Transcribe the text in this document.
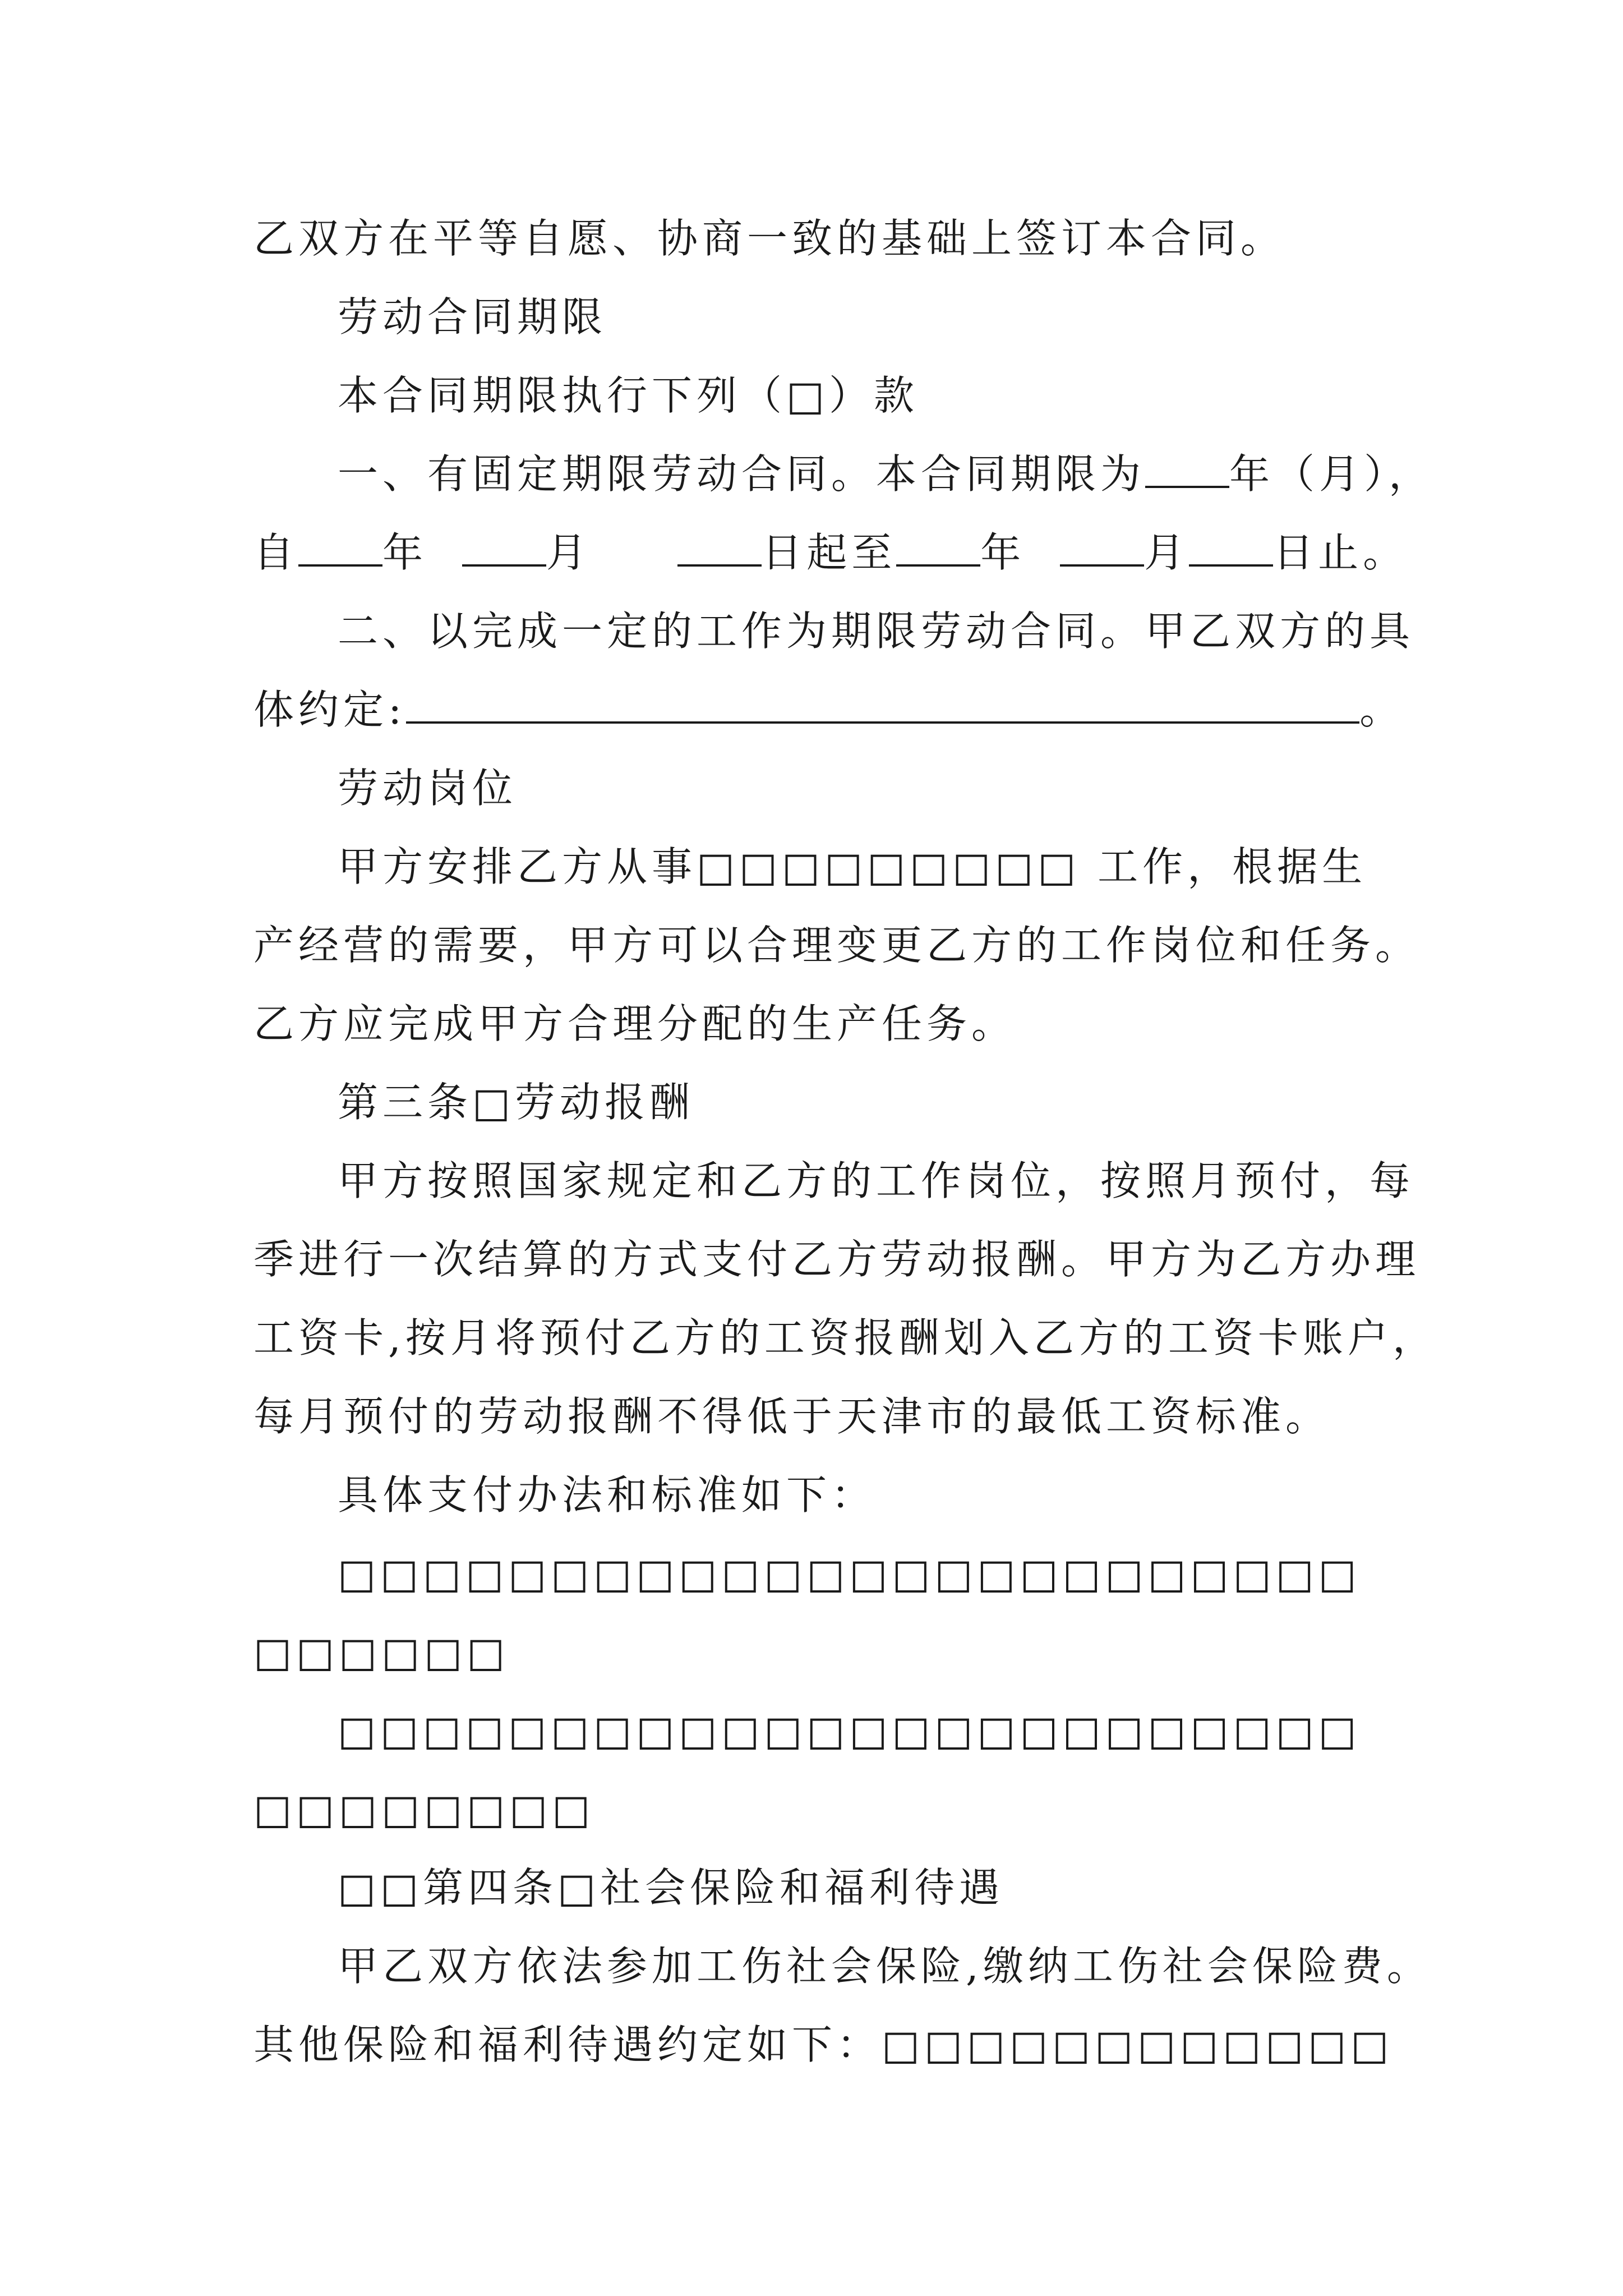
乙双方在平等自愿、协商一致的基础上签订本合同。
劳动合同期限
本合同期限执行下列（□）款
一、有固定期限劳动合同。本合同期限为 年（月），
自 年	月	日起至 年	月 日止。
二、以完成一定的工作为期限劳动合同。甲乙双方的具
体约定:	。
劳动岗位
甲方安排乙方从事□□□□□□□□□ 工作，根据生
产经营的需要，甲方可以合理变更乙方的工作岗位和任务。
乙方应完成甲方合理分配的生产任务。
第三条□劳动报酬
甲方按照国家规定和乙方的工作岗位，按照月预付，每
季进行一次结算的方式支付乙方劳动报酬。甲方为乙方办理
工资卡,按月将预付乙方的工资报酬划入乙方的工资卡账户，
每月预付的劳动报酬不得低于天津市的最低工资标准。
具体支付办法和标准如下：
□□□□□□□□□□□□□□□□□□□□□□□□
□□□□□□
□□□□□□□□□□□□□□□□□□□□□□□□
□□□□□□□□
□□第四条□社会保险和福利待遇
甲乙双方依法参加工伤社会保险,缴纳工伤社会保险费。
其他保险和福利待遇约定如下：□□□□□□□□□□□□
